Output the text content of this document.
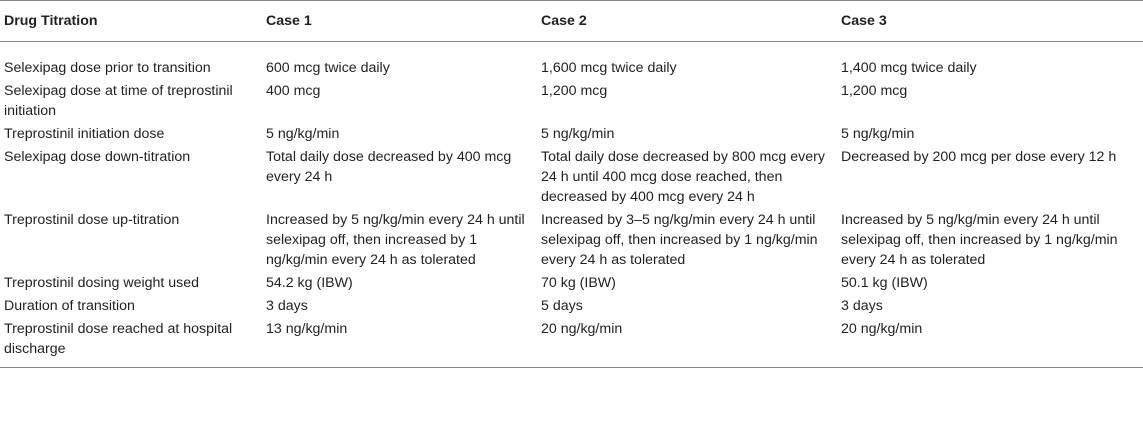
Drug Titration	Case 1	Case 2	Case 3
Selexipag dose prior to transition	600 mcg twice daily	1,600 mcg twice daily	1,400 mcg twice daily
Selexipag dose at time of treprostinil initiation	400 mcg	1,200 mcg	1,200 mcg
Treprostinil initiation dose	5 ng/kg/min	5 ng/kg/min	5 ng/kg/min
Selexipag dose down-titration	Total daily dose decreased by 400 mcg every 24 h	Total daily dose decreased by 800 mcg every 24 h until 400 mcg dose reached, then decreased by 400 mcg every 24 h	Decreased by 200 mcg per dose every 12 h
Treprostinil dose up-titration	Increased by 5 ng/kg/min every 24 h until selexipag off, then increased by 1 ng/kg/min every 24 h as tolerated	Increased by 3–5 ng/kg/min every 24 h until selexipag off, then increased by 1 ng/kg/min every 24 h as tolerated	Increased by 5 ng/kg/min every 24 h until selexipag off, then increased by 1 ng/kg/min every 24 h as tolerated
Treprostinil dosing weight used	54.2 kg (IBW)	70 kg (IBW)	50.1 kg (IBW)
Duration of transition	3 days	5 days	3 days
Treprostinil dose reached at hospital discharge	13 ng/kg/min	20 ng/kg/min	20 ng/kg/min
